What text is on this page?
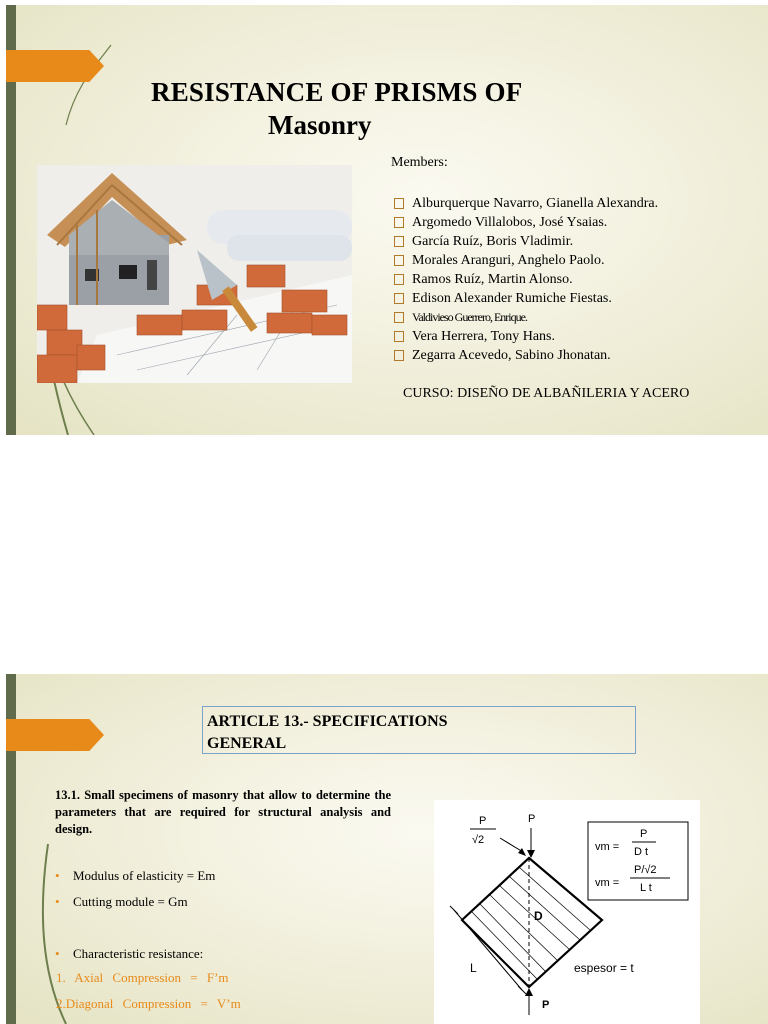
RESISTANCE OF PRISMS OF
Masonry
Members:
Alburquerque Navarro, Gianella Alexandra.
Argomedo Villalobos, José Ysaias.
García Ruíz, Boris Vladimir.
Morales Aranguri, Anghelo Paolo.
Ramos Ruíz, Martin Alonso.
Edison Alexander Rumiche Fiestas.
Valdivieso Guerrero, Enrique.
Vera Herrera, Tony Hans.
Zegarra Acevedo, Sabino Jhonatan.
CURSO: DISEÑO DE ALBAÑILERIA Y ACERO
ARTICLE 13.- SPECIFICATIONS
GENERAL
13.1. Small specimens of masonry that allow to determine the parameters that are required for structural analysis and design.
• Modulus of elasticity = Em
• Cutting module = Gm
• Characteristic resistance:
1. Axial Compression = F’m
2.Diagonal Compression = V’m
vm =
P
D t
vm =
P/√2
L t
P
√2
P
D
L	espesor = t
P
